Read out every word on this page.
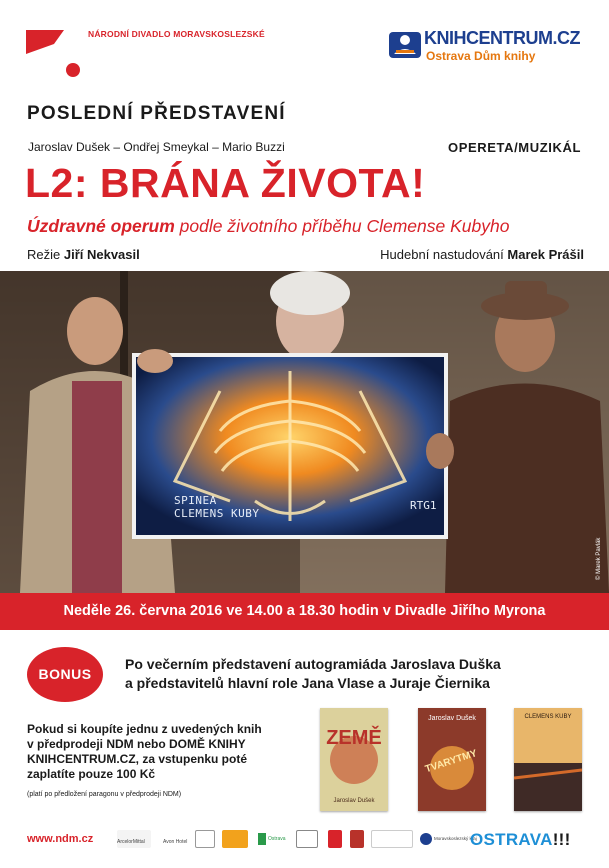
NÁRODNÍ DIVADLO MORAVSKOSLEZSKÉ	KNIHCENTRUM.CZ
Ostrava Dům knihy
POSLEDNÍ PŘEDSTAVENÍ
Jaroslav Dušek – Ondřej Smeykal – Mario Buzzi	OPERETA/MUZIKÁL
L2: BRÁNA ŽIVOTA!
Úzdravné operum podle životního příběhu Clemense Kubyho
Režie Jiří Nekvasil	Hudební nastudování Marek Prášil
SPINEA
CLEMENS KUBY
RTG1
© Marek Pavlák
Neděle 26. června 2016 ve 14.00 a 18.30 hodin v Divadle Jiřího Myrona
BONUS
Po večerním představení autogramiáda Jaroslava Duška
a představitelů hlavní role Jana Vlase a Juraje Čiernika
Pokud si koupíte jednu z uvedených knih
v předprodeji NDM nebo DOMĚ KNIHY
KNIHCENTRUM.CZ, za vstupenku poté
zaplatíte pouze 100 Kč
(platí po předložení paragonu v předprodeji NDM)
ZEMĚ
Jaroslav Dušek
Jaroslav Dušek
TVARYTMY
CLEMENS KUBY
www.ndm.cz	ArcelorMittal	Avon Hotel	Ostrava	Moravskoslezský kraj
OSTRAVA!!!
